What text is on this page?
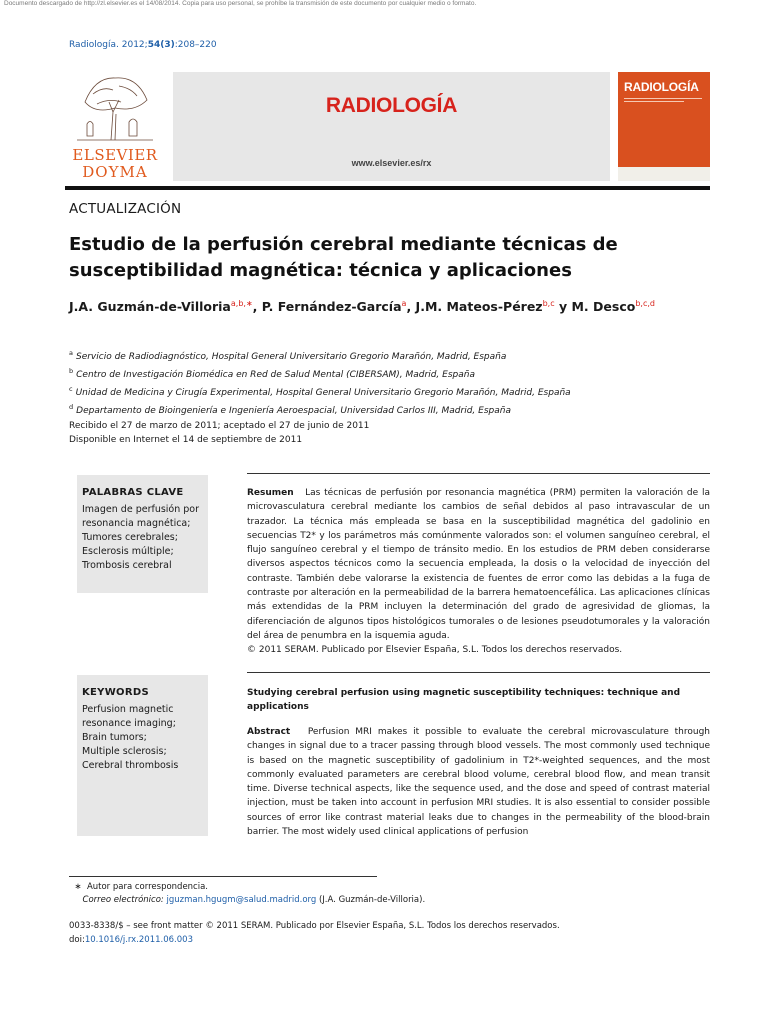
Documento descargado de http://zl.elsevier.es el 14/08/2014. Copia para uso personal, se prohíbe la transmisión de este documento por cualquier medio o formato.
Radiología. 2012;54(3):208–220
ELSEVIER
DOYMA
RADIOLOGÍA
www.elsevier.es/rx
RADIOLOGÍA
ACTUALIZACIÓN
Estudio de la perfusión cerebral mediante técnicas de susceptibilidad magnética: técnica y aplicaciones
J.A. Guzmán-de-Villoria$^{a,b,∗}$, P. Fernández-García$^a$, J.M. Mateos-Pérez$^{b,c}$ y M. Desco$^{b,c,d}$
$^a$ Servicio de Radiodiagnóstico, Hospital General Universitario Gregorio Marañón, Madrid, España
$^b$ Centro de Investigación Biomédica en Red de Salud Mental (CIBERSAM), Madrid, España
$^c$ Unidad de Medicina y Cirugía Experimental, Hospital General Universitario Gregorio Marañón, Madrid, España
$^d$ Departamento de Bioingeniería e Ingeniería Aeroespacial, Universidad Carlos III, Madrid, España
Recibido el 27 de marzo de 2011; aceptado el 27 de junio de 2011
Disponible en Internet el 14 de septiembre de 2011
PALABRAS CLAVE
Imagen de perfusión por resonancia magnética;
Tumores cerebrales;
Esclerosis múltiple;
Trombosis cerebral
Resumen Las técnicas de perfusión por resonancia magnética (PRM) permiten la valoración de la microvasculatura cerebral mediante los cambios de señal debidos al paso intravascular de un trazador. La técnica más empleada se basa en la susceptibilidad magnética del gadolinio en secuencias T2* y los parámetros más comúnmente valorados son: el volumen sanguíneo cerebral, el flujo sanguíneo cerebral y el tiempo de tránsito medio. En los estudios de PRM deben considerarse diversos aspectos técnicos como la secuencia empleada, la dosis o la velocidad de inyección del contraste. También debe valorarse la existencia de fuentes de error como las debidas a la fuga de contraste por alteración en la permeabilidad de la barrera hematoencefálica. Las aplicaciones clínicas más extendidas de la PRM incluyen la determinación del grado de agresividad de gliomas, la diferenciación de algunos tipos histológicos tumorales o de lesiones pseudotumorales y la valoración del área de penumbra en la isquemia aguda.
© 2011 SERAM. Publicado por Elsevier España, S.L. Todos los derechos reservados.
KEYWORDS
Perfusion magnetic resonance imaging;
Brain tumors;
Multiple sclerosis;
Cerebral thrombosis
Studying cerebral perfusion using magnetic susceptibility techniques: technique and applications
Abstract Perfusion MRI makes it possible to evaluate the cerebral microvasculature through changes in signal due to a tracer passing through blood vessels. The most commonly used technique is based on the magnetic susceptibility of gadolinium in T2*-weighted sequences, and the most commonly evaluated parameters are cerebral blood volume, cerebral blood flow, and mean transit time. Diverse technical aspects, like the sequence used, and the dose and speed of contrast material injection, must be taken into account in perfusion MRI studies. It is also essential to consider possible sources of error like contrast material leaks due to changes in the permeability of the blood-brain barrier. The most widely used clinical applications of perfusion
∗ Autor para correspondencia.
Correo electrónico: jguzman.hgugm@salud.madrid.org (J.A. Guzmán-de-Villoria).
0033-8338/$ – see front matter © 2011 SERAM. Publicado por Elsevier España, S.L. Todos los derechos reservados.
doi:10.1016/j.rx.2011.06.003
